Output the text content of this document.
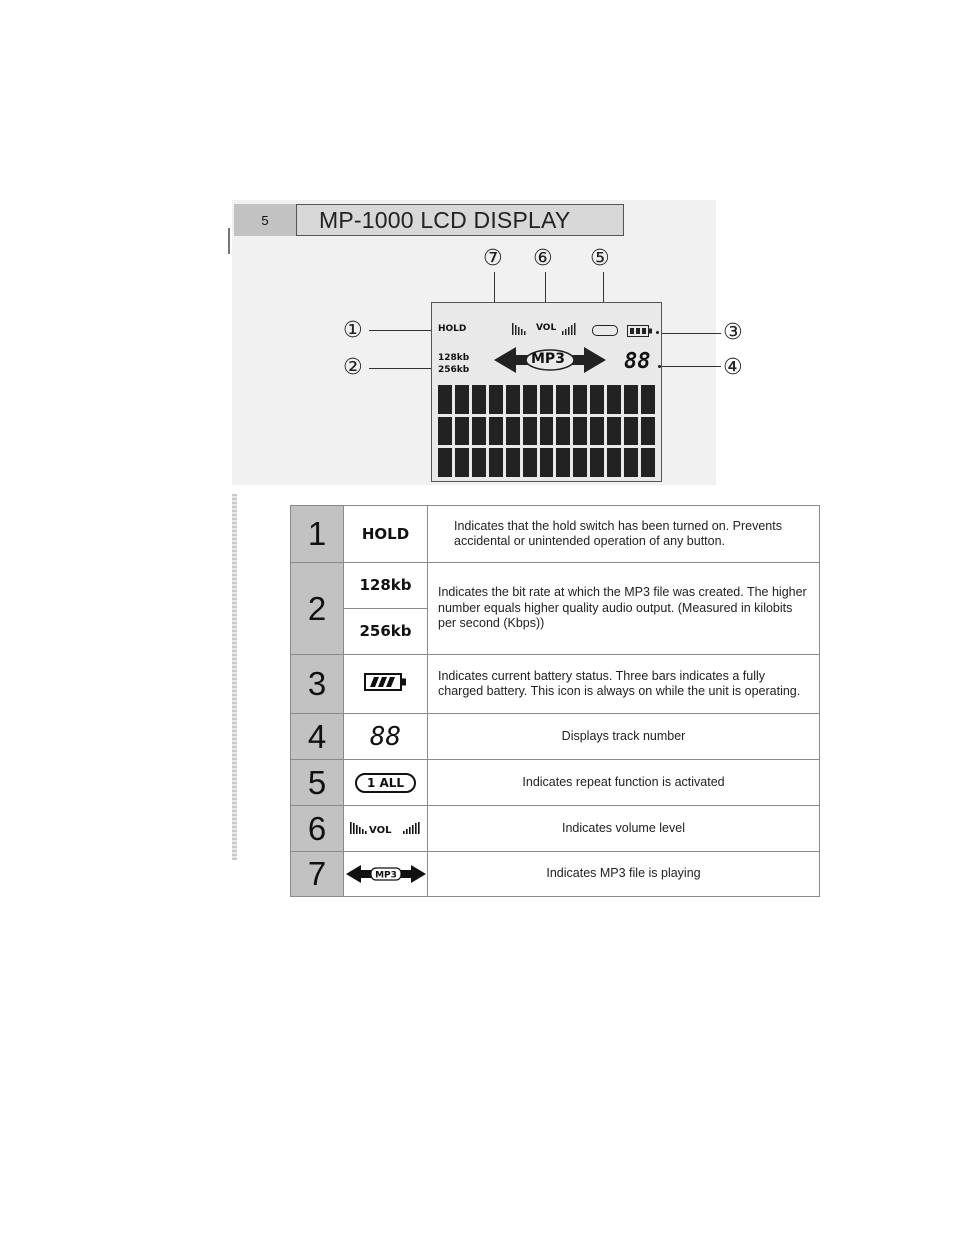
5	MP-1000 LCD DISPLAY
⑦ ⑥ ⑤
①
②
③
④
HOLD
128kb
256kb
VOL
MP3	88
1	HOLD	Indicates that the hold switch has been turned on. Prevents accidental or unintended operation of any button.
2	128kb	Indicates the bit rate at which the MP3 file was created. The higher number equals higher quality audio output. (Measured in kilobits per second (Kbps))
	256kb	
3		Indicates current battery status. Three bars indicates a fully charged battery. This icon is always on while the unit is operating.
4	88	Displays track number
5	1 ALL	Indicates repeat function is activated
6	VOL	Indicates volume level
7	MP3	Indicates MP3 file is playing
